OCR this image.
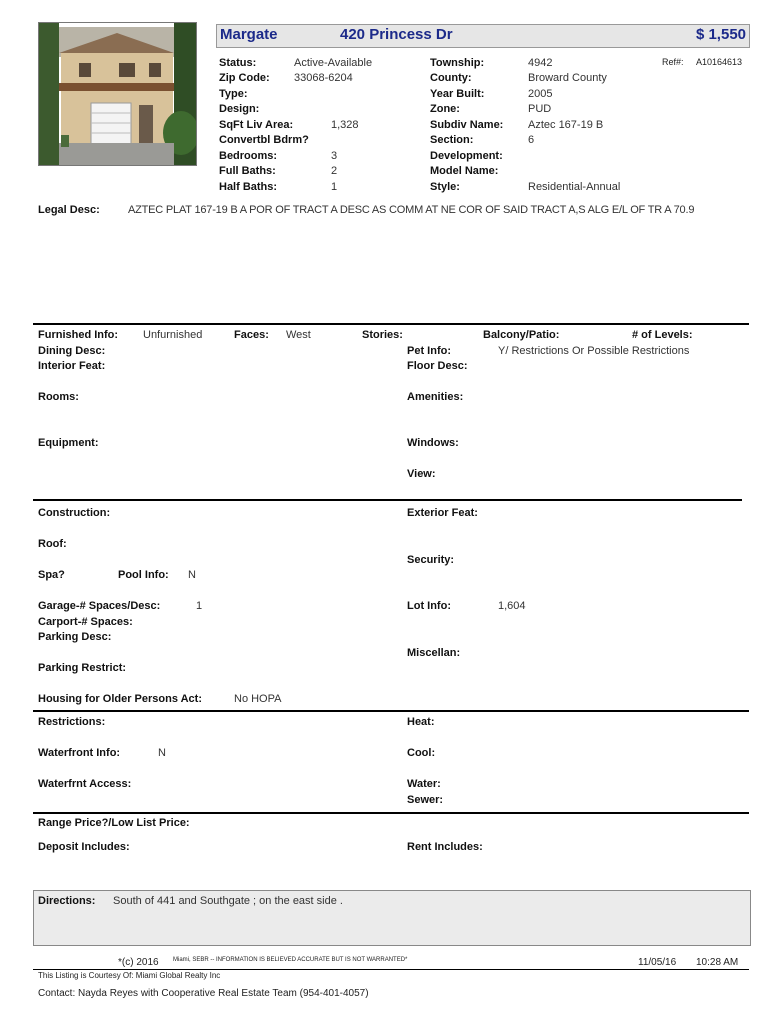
Margate	420 Princess Dr	$ 1,550
Ref#: A10164613
Status:	Active-Available
Zip Code: 33068-6204
Type:
Design:
SqFt Liv Area:	1,328
Convertbl Bdrm?
Bedrooms:	3
Full Baths:	2
Half Baths:	1
Township:	4942
County:	Broward County
Year Built:	2005
Zone:	PUD
Subdiv Name: Aztec 167-19 B
Section:	6
Development:
Model Name:
Style:	Residential-Annual
Legal Desc:	AZTEC PLAT 167-19 B A POR OF TRACT A DESC AS COMM AT NE COR OF SAID TRACT A,S ALG E/L OF TR A 70.9
Furnished Info: Unfurnished	Faces: West	Stories:	Balcony/Patio:	# of Levels:
Dining Desc:	Pet Info:	Y/ Restrictions Or Possible Restrictions
Interior Feat:	Floor Desc:
Rooms:	Amenities:
Equipment:	Windows:
View:
Construction:	Exterior Feat:
Roof:
Security:
Spa?	Pool Info: N
Garage-# Spaces/Desc:	1	Lot Info:	1,604
Carport-# Spaces:
Parking Desc:
Miscellan:
Parking Restrict:
Housing for Older Persons Act:	No HOPA
Restrictions:	Heat:
Waterfront Info:	N	Cool:
Waterfrnt Access:	Water:
Sewer:
Range Price?/Low List Price:
Deposit Includes:	Rent Includes:
Directions: South of 441 and Southgate ; on the east side .
*(c) 2016 Miami, SEBR -- INFORMATION IS BELIEVED ACCURATE BUT IS NOT WARRANTED*	11/05/16 10:28 AM
This Listing is Courtesy Of: Miami Global Realty Inc
Contact: Nayda Reyes with Cooperative Real Estate Team (954-401-4057)
